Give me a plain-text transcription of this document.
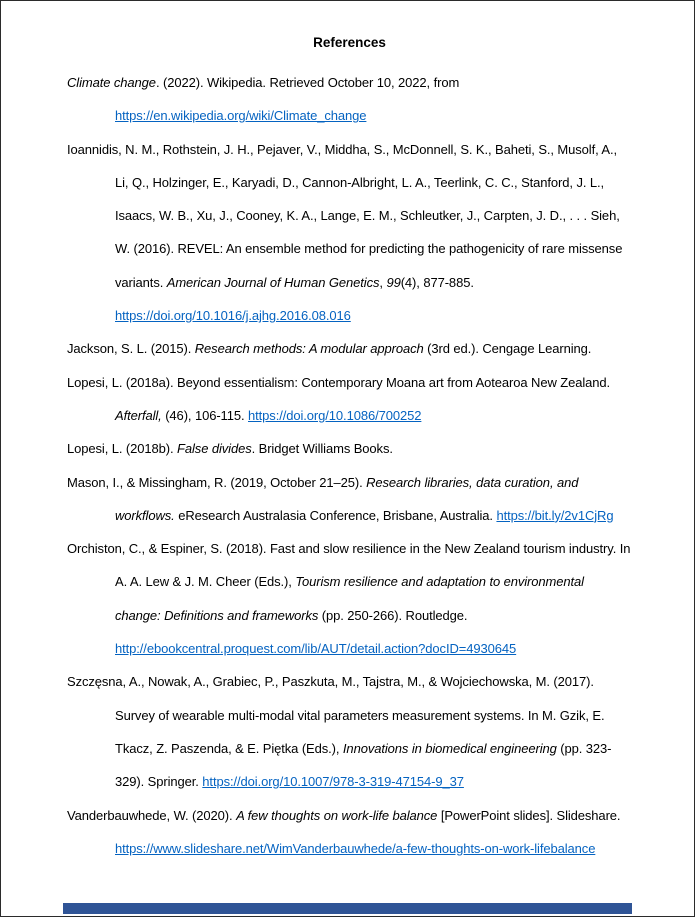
References

Climate change. (2022). Wikipedia. Retrieved October 10, 2022, from https://en.wikipedia.org/wiki/Climate_change

Ioannidis, N. M., Rothstein, J. H., Pejaver, V., Middha, S., McDonnell, S. K., Baheti, S., Musolf, A., Li, Q., Holzinger, E., Karyadi, D., Cannon-Albright, L. A., Teerlink, C. C., Stanford, J. L., Isaacs, W. B., Xu, J., Cooney, K. A., Lange, E. M., Schleutker, J., Carpten, J. D., . . . Sieh, W. (2016). REVEL: An ensemble method for predicting the pathogenicity of rare missense variants. American Journal of Human Genetics, 99(4), 877-885. https://doi.org/10.1016/j.ajhg.2016.08.016

Jackson, S. L. (2015). Research methods: A modular approach (3rd ed.). Cengage Learning.

Lopesi, L. (2018a). Beyond essentialism: Contemporary Moana art from Aotearoa New Zealand. Afterfall, (46), 106-115. https://doi.org/10.1086/700252

Lopesi, L. (2018b). False divides. Bridget Williams Books.

Mason, I., & Missingham, R. (2019, October 21–25). Research libraries, data curation, and workflows. eResearch Australasia Conference, Brisbane, Australia. https://bit.ly/2v1CjRg

Orchiston, C., & Espiner, S. (2018). Fast and slow resilience in the New Zealand tourism industry. In A. A. Lew & J. M. Cheer (Eds.), Tourism resilience and adaptation to environmental change: Definitions and frameworks (pp. 250-266). Routledge. http://ebookcentral.proquest.com/lib/AUT/detail.action?docID=4930645

Szczęsna, A., Nowak, A., Grabiec, P., Paszkuta, M., Tajstra, M., & Wojciechowska, M. (2017). Survey of wearable multi-modal vital parameters measurement systems. In M. Gzik, E. Tkacz, Z. Paszenda, & E. Piętka (Eds.), Innovations in biomedical engineering (pp. 323-329). Springer. https://doi.org/10.1007/978-3-319-47154-9_37

Vanderbauwhede, W. (2020). A few thoughts on work-life balance [PowerPoint slides]. Slideshare. https://www.slideshare.net/WimVanderbauwhede/a-few-thoughts-on-work-lifebalance
